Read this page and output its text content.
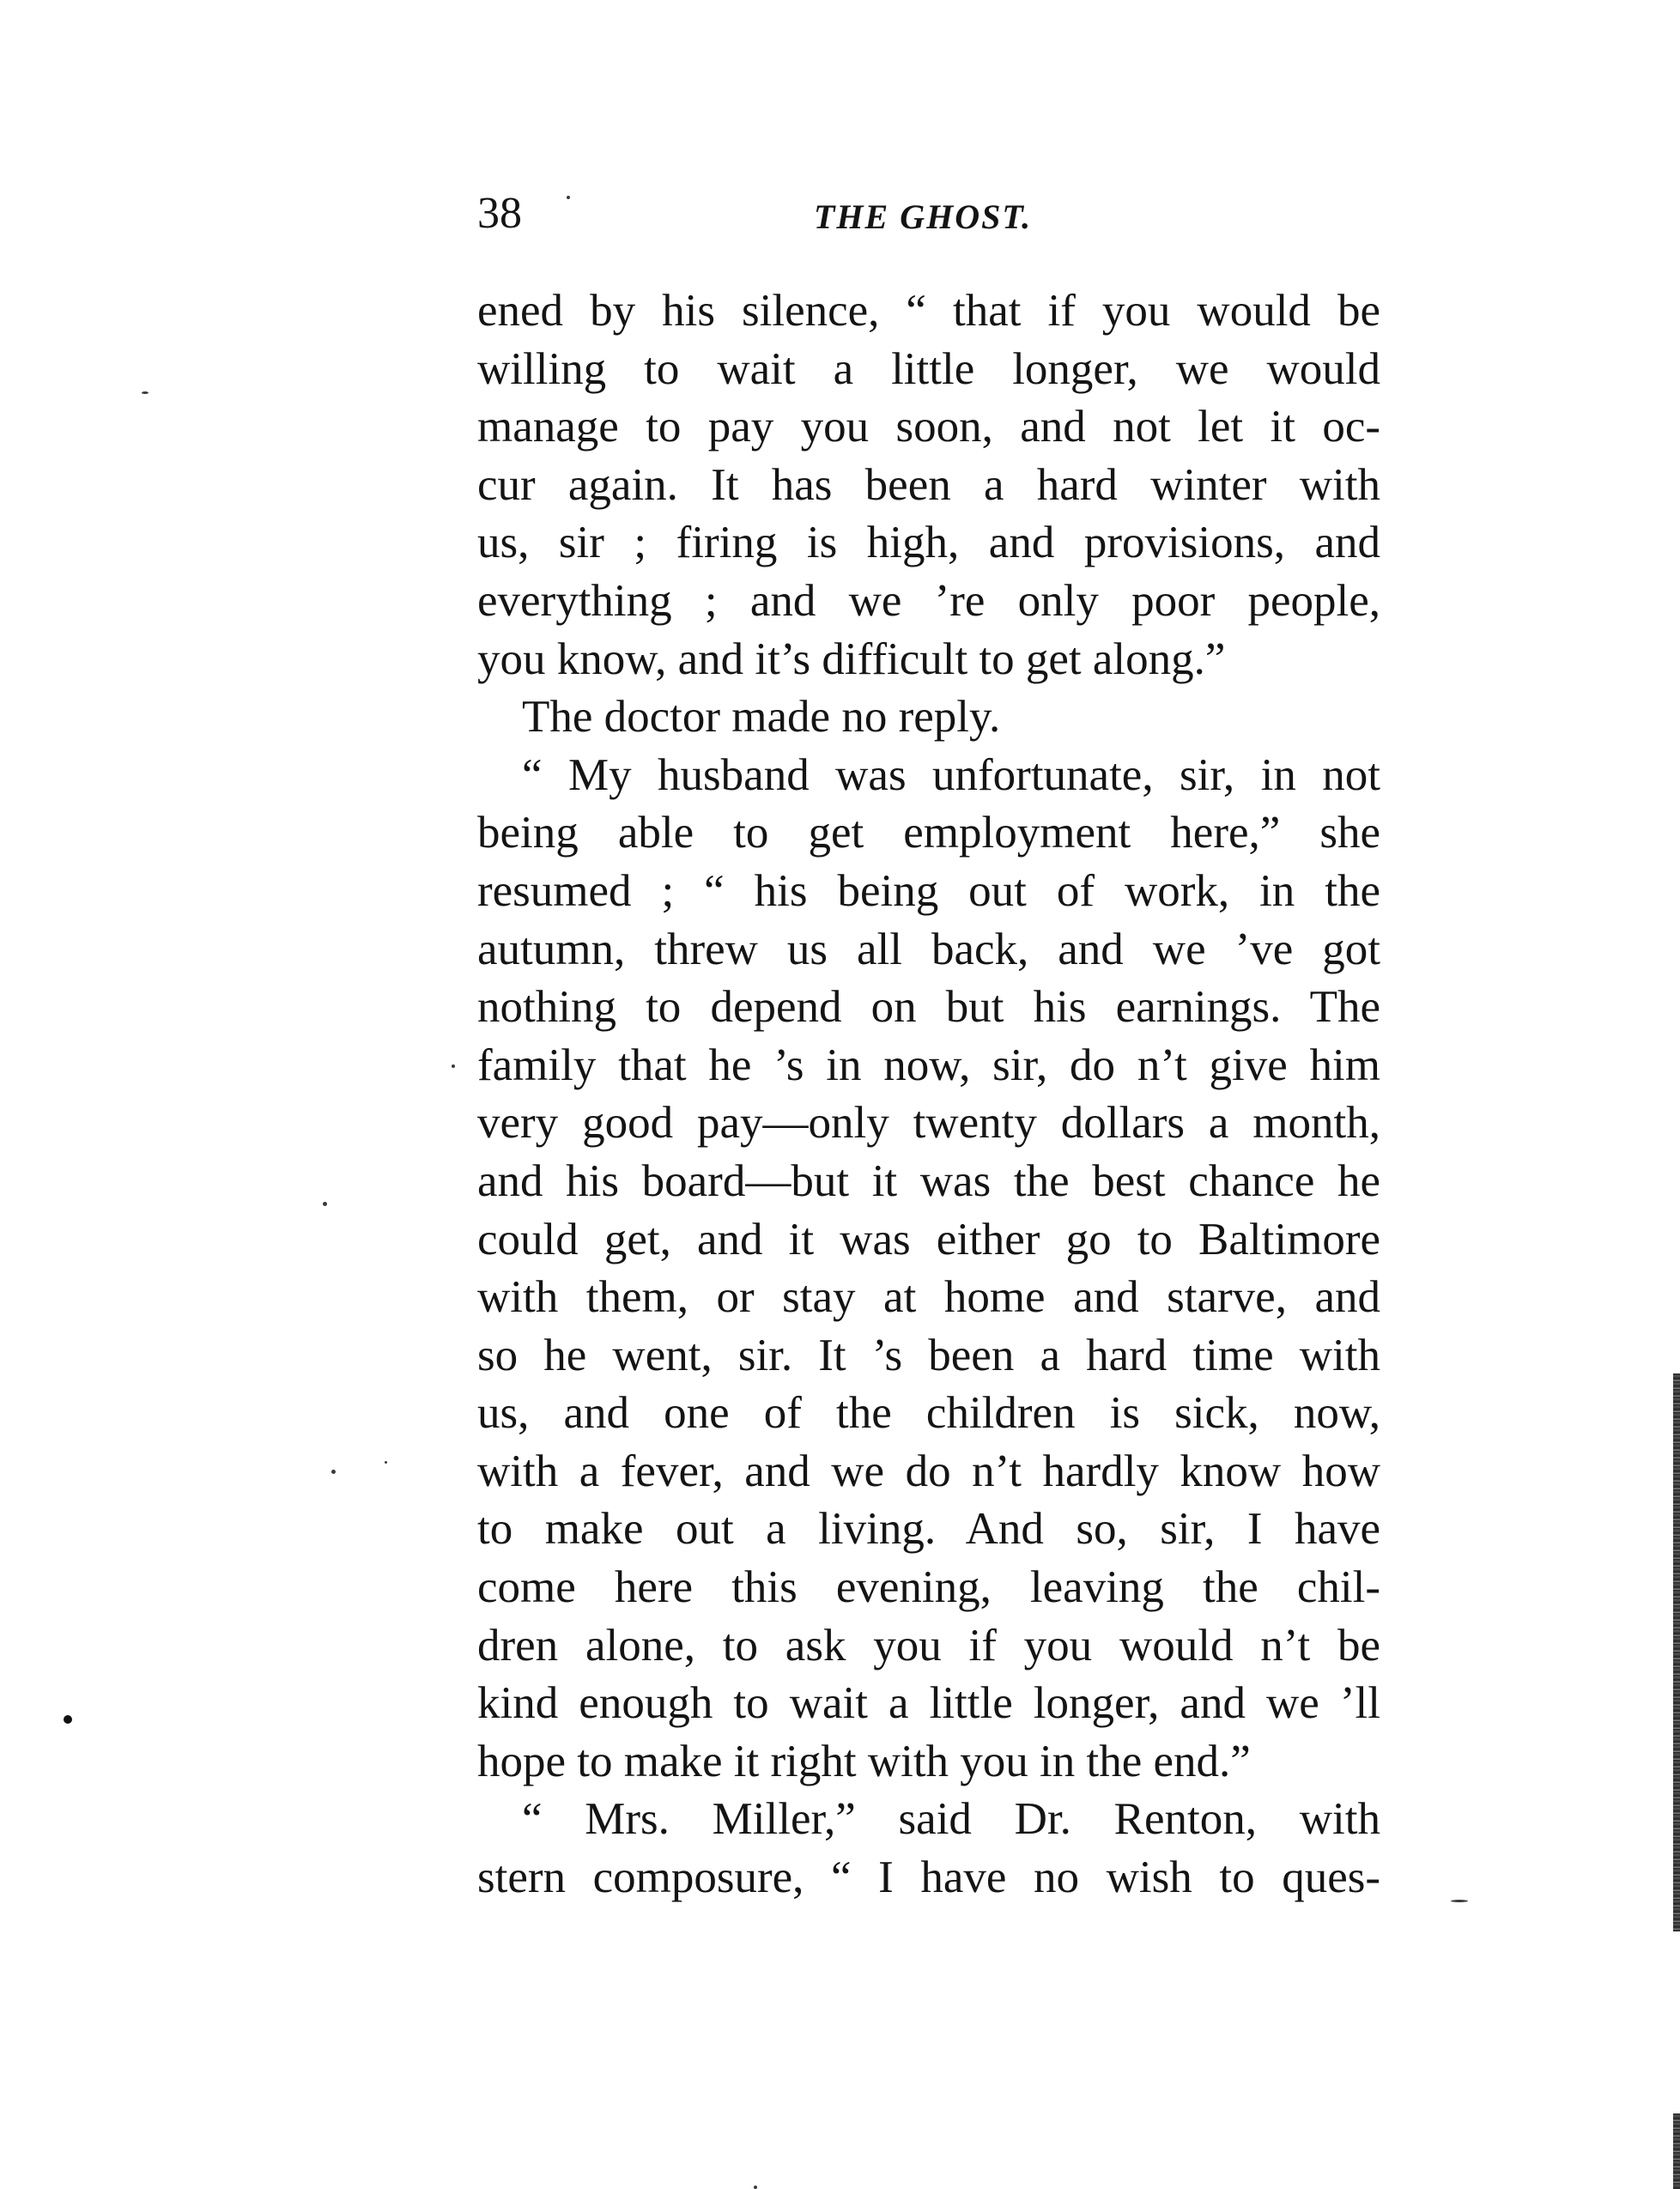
38	THE GHOST.
ened by his silence, “ that if you would be
willing to wait a little longer, we would
manage to pay you soon, and not let it oc-
cur again. It has been a hard winter with
us, sir ; firing is high, and provisions, and
everything ; and we ’re only poor people,
you know, and it’s difficult to get along.”
The doctor made no reply.
“ My husband was unfortunate, sir, in not
being able to get employment here,” she
resumed ; “ his being out of work, in the
autumn, threw us all back, and we ’ve got
nothing to depend on but his earnings. The
family that he ’s in now, sir, do n’t give him
very good pay—only twenty dollars a month,
and his board—but it was the best chance he
could get, and it was either go to Baltimore
with them, or stay at home and starve, and
so he went, sir. It ’s been a hard time with
us, and one of the children is sick, now,
with a fever, and we do n’t hardly know how
to make out a living. And so, sir, I have
come here this evening, leaving the chil-
dren alone, to ask you if you would n’t be
kind enough to wait a little longer, and we ’ll
hope to make it right with you in the end.”
“ Mrs. Miller,” said Dr. Renton, with
stern composure, “ I have no wish to ques-
